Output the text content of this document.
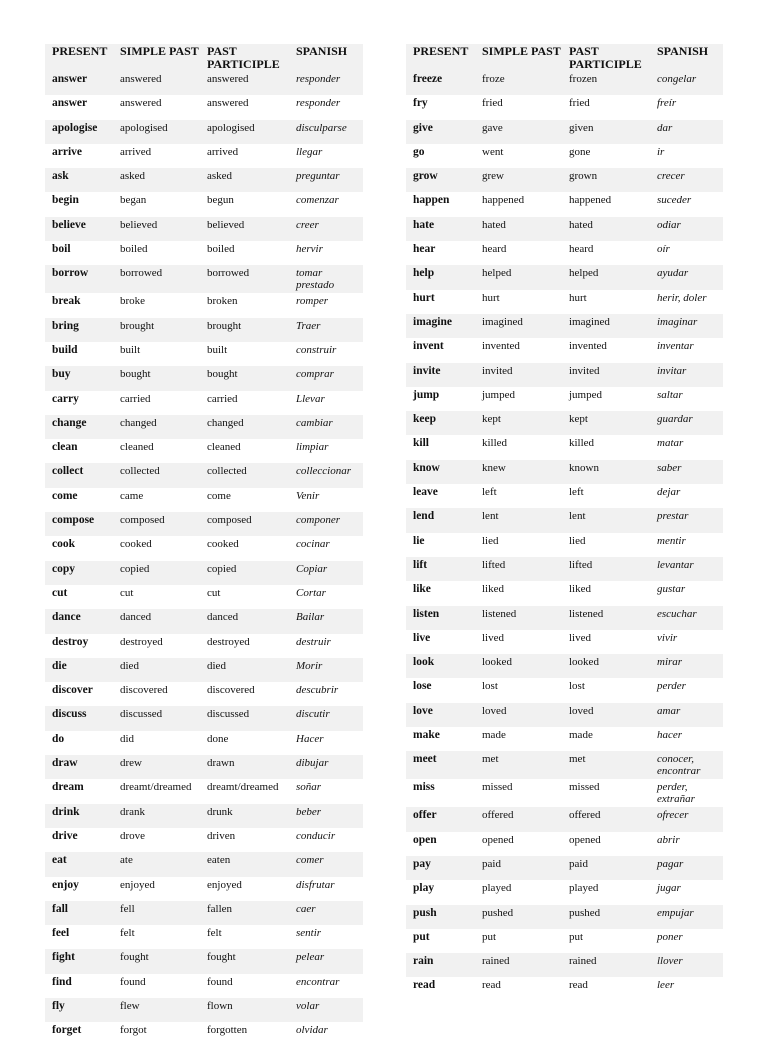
PRESENT	SIMPLE PAST	PAST PARTICIPLE	SPANISH
answer	answered	answered	responder
answer	answered	answered	responder
apologise	apologised	apologised	disculparse
arrive	arrived	arrived	llegar
ask	asked	asked	preguntar
begin	began	begun	comenzar
believe	believed	believed	creer
boil	boiled	boiled	hervir
borrow	borrowed	borrowed	tomar prestado
break	broke	broken	romper
bring	brought	brought	Traer
build	built	built	construir
buy	bought	bought	comprar
carry	carried	carried	Llevar
change	changed	changed	cambiar
clean	cleaned	cleaned	limpiar
collect	collected	collected	colleccionar
come	came	come	Venir
compose	composed	composed	componer
cook	cooked	cooked	cocinar
copy	copied	copied	Copiar
cut	cut	cut	Cortar
dance	danced	danced	Bailar
destroy	destroyed	destroyed	destruir
die	died	died	Morir
discover	discovered	discovered	descubrir
discuss	discussed	discussed	discutir
do	did	done	Hacer
draw	drew	drawn	dibujar
dream	dreamt/dreamed	dreamt/dreamed	soñar
drink	drank	drunk	beber
drive	drove	driven	conducir
eat	ate	eaten	comer
enjoy	enjoyed	enjoyed	disfrutar
fall	fell	fallen	caer
feel	felt	felt	sentir
fight	fought	fought	pelear
find	found	found	encontrar
fly	flew	flown	volar
forget	forgot	forgotten	olvidar
PRESENT	SIMPLE PAST	PAST PARTICIPLE	SPANISH
freeze	froze	frozen	congelar
fry	fried	fried	freír
give	gave	given	dar
go	went	gone	ir
grow	grew	grown	crecer
happen	happened	happened	suceder
hate	hated	hated	odiar
hear	heard	heard	oír
help	helped	helped	ayudar
hurt	hurt	hurt	herir, doler
imagine	imagined	imagined	imaginar
invent	invented	invented	inventar
invite	invited	invited	invitar
jump	jumped	jumped	saltar
keep	kept	kept	guardar
kill	killed	killed	matar
know	knew	known	saber
leave	left	left	dejar
lend	lent	lent	prestar
lie	lied	lied	mentir
lift	lifted	lifted	levantar
like	liked	liked	gustar
listen	listened	listened	escuchar
live	lived	lived	vivir
look	looked	looked	mirar
lose	lost	lost	perder
love	loved	loved	amar
make	made	made	hacer
meet	met	met	conocer, encontrar
miss	missed	missed	perder, extrañar
offer	offered	offered	ofrecer
open	opened	opened	abrir
pay	paid	paid	pagar
play	played	played	jugar
push	pushed	pushed	empujar
put	put	put	poner
rain	rained	rained	llover
read	read	read	leer
